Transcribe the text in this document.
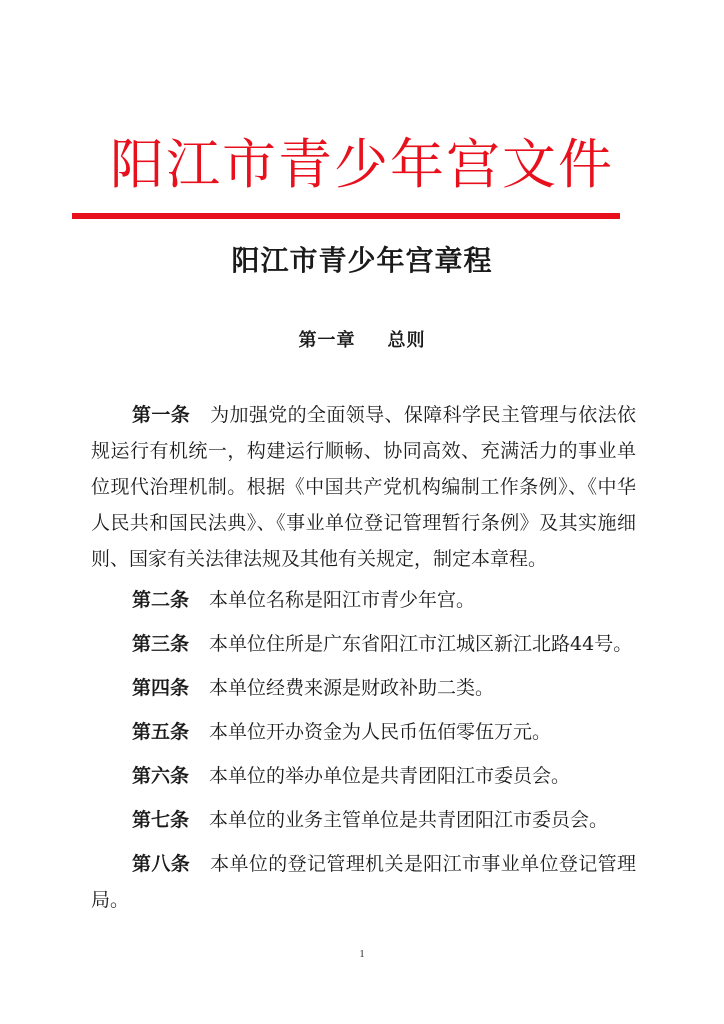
阳江市青少年宫文件
阳江市青少年宫章程
第一章 总则

第一条 为加强党的全面领导、保障科学民主管理与依法依规运行有机统一，构建运行顺畅、协同高效、充满活力的事业单位现代治理机制。根据《中国共产党机构编制工作条例》、《中华人民共和国民法典》、《事业单位登记管理暂行条例》及其实施细则、国家有关法律法规及其他有关规定，制定本章程。

第二条 本单位名称是阳江市青少年宫。

第三条 本单位住所是广东省阳江市江城区新江北路44号。

第四条 本单位经费来源是财政补助二类。

第五条 本单位开办资金为人民币伍佰零伍万元。

第六条 本单位的举办单位是共青团阳江市委员会。

第七条 本单位的业务主管单位是共青团阳江市委员会。

第八条 本单位的登记管理机关是阳江市事业单位登记管理局。

1
